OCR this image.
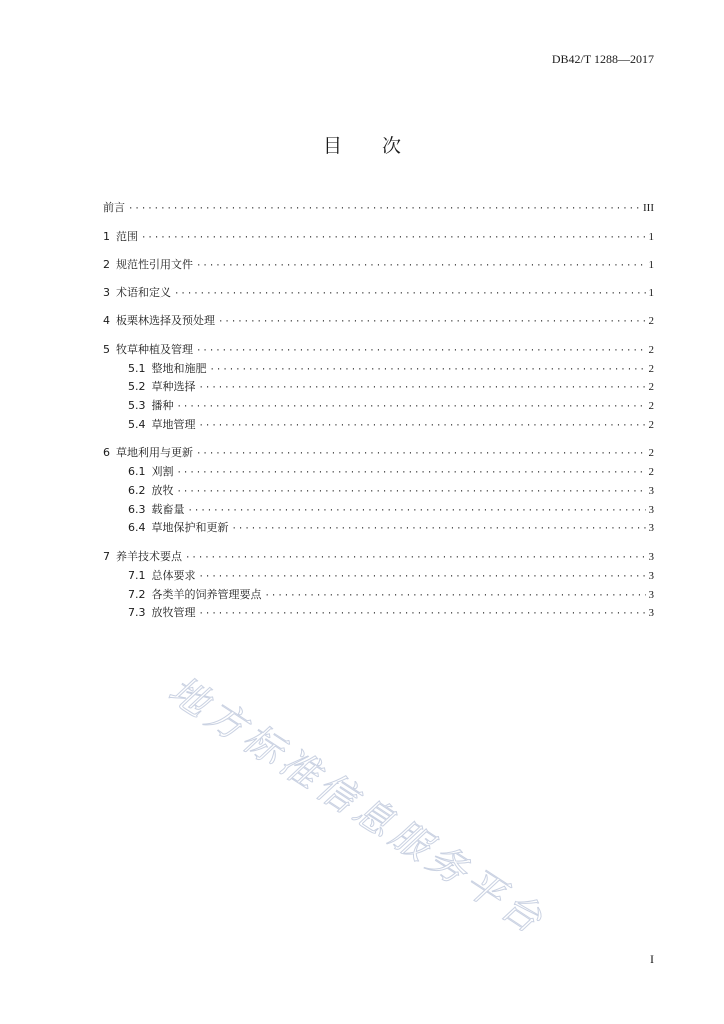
DB42/T 1288—2017
目 次
前言 ·····	III
1 范围 ·····	1
2 规范性引用文件 ·····	1
3 术语和定义 ·····	1
4 板栗林选择及预处理 ·····	2
5 牧草种植及管理 ·····	2
5.1 整地和施肥 ·····	2
5.2 草种选择 ·····	2
5.3 播种 ·····	2
5.4 草地管理 ·····	2
6 草地利用与更新 ·····	2
6.1 刈割 ·····	2
6.2 放牧 ·····	3
6.3 载畜量 ·····	3
6.4 草地保护和更新 ·····	3
7 养羊技术要点 ·····	3
7.1 总体要求 ·····	3
7.2 各类羊的饲养管理要点 ·····	3
7.3 放牧管理 ·····	3
地方标准信息服务平台
I
